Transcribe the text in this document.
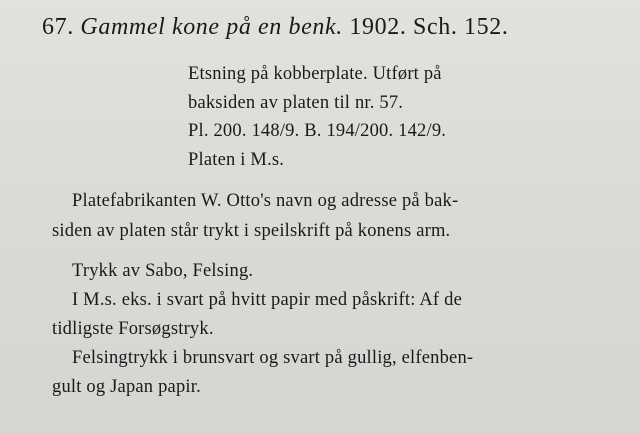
67. Gammel kone på en benk. 1902. Sch. 152.
Etsning på kobberplate. Utført på
baksiden av platen til nr. 57.
Pl. 200. 148/9. B. 194/200. 142/9.
Platen i M.s.
Platefabrikanten W. Otto's navn og adresse på bak-
siden av platen står trykt i speilskrift på konens arm.
Trykk av Sabo, Felsing.
I M.s. eks. i svart på hvitt papir med påskrift: Af de
tidligste Forsøgstryk.
Felsingtrykk i brunsvart og svart på gullig, elfenben-
gult og Japan papir.
